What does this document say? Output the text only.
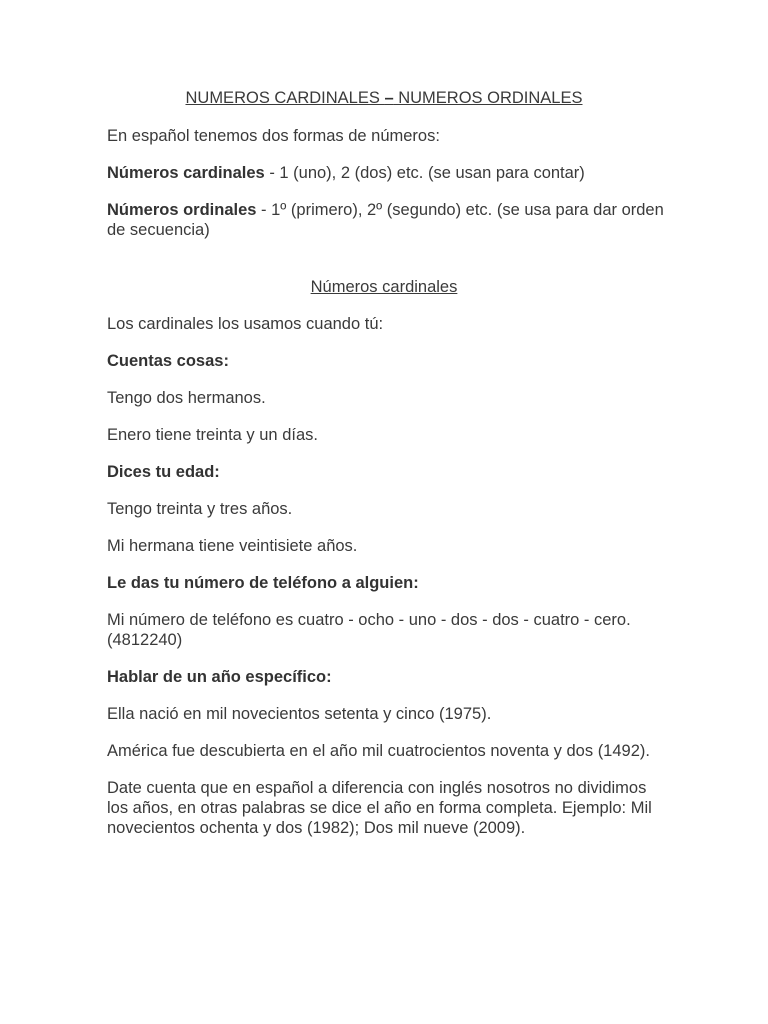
NUMEROS CARDINALES – NUMEROS ORDINALES

En español tenemos dos formas de números:

Números cardinales - 1 (uno), 2 (dos) etc. (se usan para contar)

Números ordinales - 1º (primero), 2º (segundo) etc. (se usa para dar orden de secuencia)

Números cardinales

Los cardinales los usamos cuando tú:

Cuentas cosas:

Tengo dos hermanos.

Enero tiene treinta y un días.

Dices tu edad:

Tengo treinta y tres años.

Mi hermana tiene veintisiete años.

Le das tu número de teléfono a alguien:

Mi número de teléfono es cuatro - ocho - uno - dos - dos - cuatro - cero. (4812240)

Hablar de un año específico:

Ella nació en mil novecientos setenta y cinco (1975).

América fue descubierta en el año mil cuatrocientos noventa y dos (1492).

Date cuenta que en español a diferencia con inglés nosotros no dividimos los años, en otras palabras se dice el año en forma completa. Ejemplo: Mil novecientos ochenta y dos (1982); Dos mil nueve (2009).
